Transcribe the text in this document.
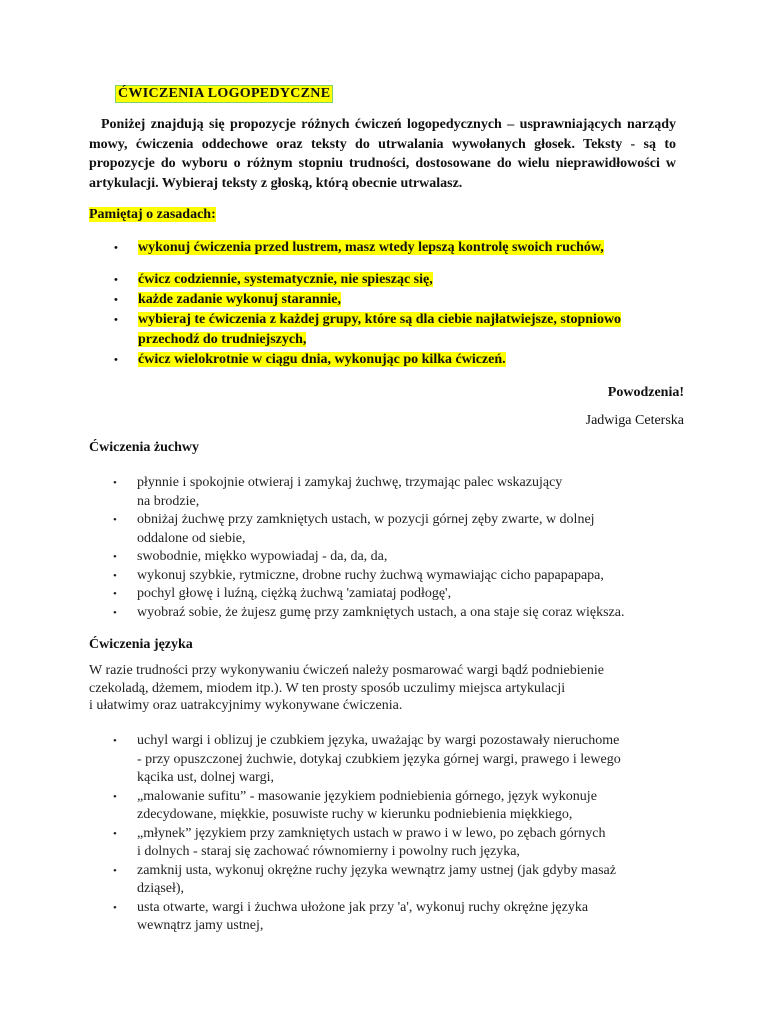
ĆWICZENIA LOGOPEDYCZNE
Poniżej znajdują się propozycje różnych ćwiczeń logopedycznych – usprawniających narządy mowy, ćwiczenia oddechowe oraz teksty do utrwalania wywołanych głosek. Teksty - są to propozycje do wyboru o różnym stopniu trudności, dostosowane do wielu nieprawidłowości w artykulacji. Wybieraj teksty z głoską, którą obecnie utrwalasz.
Pamiętaj o zasadach:
• wykonuj ćwiczenia przed lustrem, masz wtedy lepszą kontrolę swoich ruchów,
• ćwicz codziennie, systematycznie, nie spiesząc się,
• każde zadanie wykonuj starannie,
• wybieraj te ćwiczenia z każdej grupy, które są dla ciebie najłatwiejsze, stopniowo
przechodź do trudniejszych,
• ćwicz wielokrotnie w ciągu dnia, wykonując po kilka ćwiczeń.
Powodzenia!
Jadwiga Ceterska
Ćwiczenia żuchwy
• płynnie i spokojnie otwieraj i zamykaj żuchwę, trzymając palec wskazujący
na brodzie,
• obniżaj żuchwę przy zamkniętych ustach, w pozycji górnej zęby zwarte, w dolnej
oddalone od siebie,
• swobodnie, miękko wypowiadaj - da, da, da,
• wykonuj szybkie, rytmiczne, drobne ruchy żuchwą wymawiając cicho papapapapa,
• pochyl głowę i luźną, ciężką żuchwą 'zamiataj podłogę',
• wyobraź sobie, że żujesz gumę przy zamkniętych ustach, a ona staje się coraz większa.
Ćwiczenia języka
W razie trudności przy wykonywaniu ćwiczeń należy posmarować wargi bądź podniebienie
czekoladą, dżemem, miodem itp.). W ten prosty sposób uczulimy miejsca artykulacji
i ułatwimy oraz uatrakcyjnimy wykonywane ćwiczenia.
• uchyl wargi i oblizuj je czubkiem języka, uważając by wargi pozostawały nieruchome
- przy opuszczonej żuchwie, dotykaj czubkiem języka górnej wargi, prawego i lewego
kącika ust, dolnej wargi,
• „malowanie sufitu” - masowanie językiem podniebienia górnego, język wykonuje
zdecydowane, miękkie, posuwiste ruchy w kierunku podniebienia miękkiego,
• „młynek” językiem przy zamkniętych ustach w prawo i w lewo, po zębach górnych
i dolnych - staraj się zachować równomierny i powolny ruch języka,
• zamknij usta, wykonuj okrężne ruchy języka wewnątrz jamy ustnej (jak gdyby masaż
dziąseł),
• usta otwarte, wargi i żuchwa ułożone jak przy 'a', wykonuj ruchy okrężne języka
wewnątrz jamy ustnej,
